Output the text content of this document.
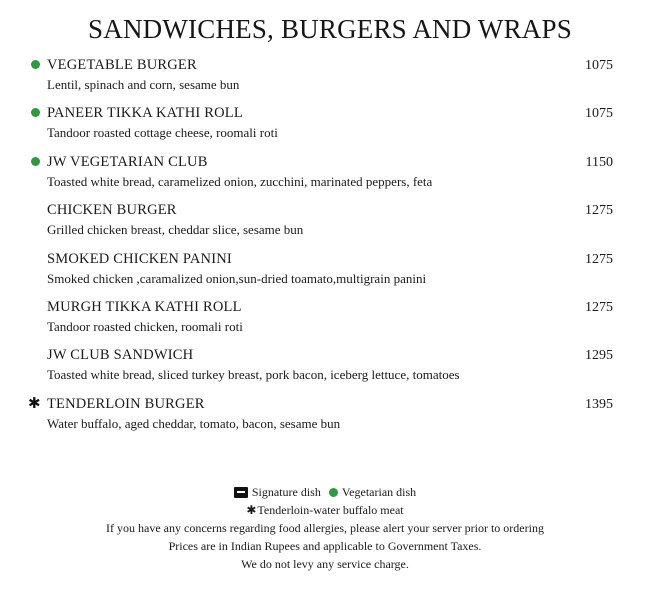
SANDWICHES, BURGERS AND WRAPS
VEGETABLE BURGER
Lentil, spinach and corn, sesame bun
1075
PANEER TIKKA KATHI ROLL
Tandoor roasted cottage cheese, roomali roti
1075
JW VEGETARIAN CLUB
Toasted white bread, caramelized onion, zucchini, marinated peppers, feta
1150
CHICKEN BURGER
Grilled chicken breast, cheddar slice, sesame bun
1275
SMOKED CHICKEN PANINI
Smoked chicken ,caramalized onion,sun-dried toamato,multigrain panini
1275
MURGH TIKKA KATHI ROLL
Tandoor roasted chicken, roomali roti
1275
JW CLUB SANDWICH
Toasted white bread, sliced turkey breast, pork bacon, iceberg lettuce, tomatoes
1295
✱ TENDERLOIN BURGER
Water buffalo, aged cheddar, tomato, bacon, sesame bun
1395
Signature dish Vegetarian dish
✱ Tenderloin-water buffalo meat
If you have any concerns regarding food allergies, please alert your server prior to ordering
Prices are in Indian Rupees and applicable to Government Taxes.
We do not levy any service charge.
